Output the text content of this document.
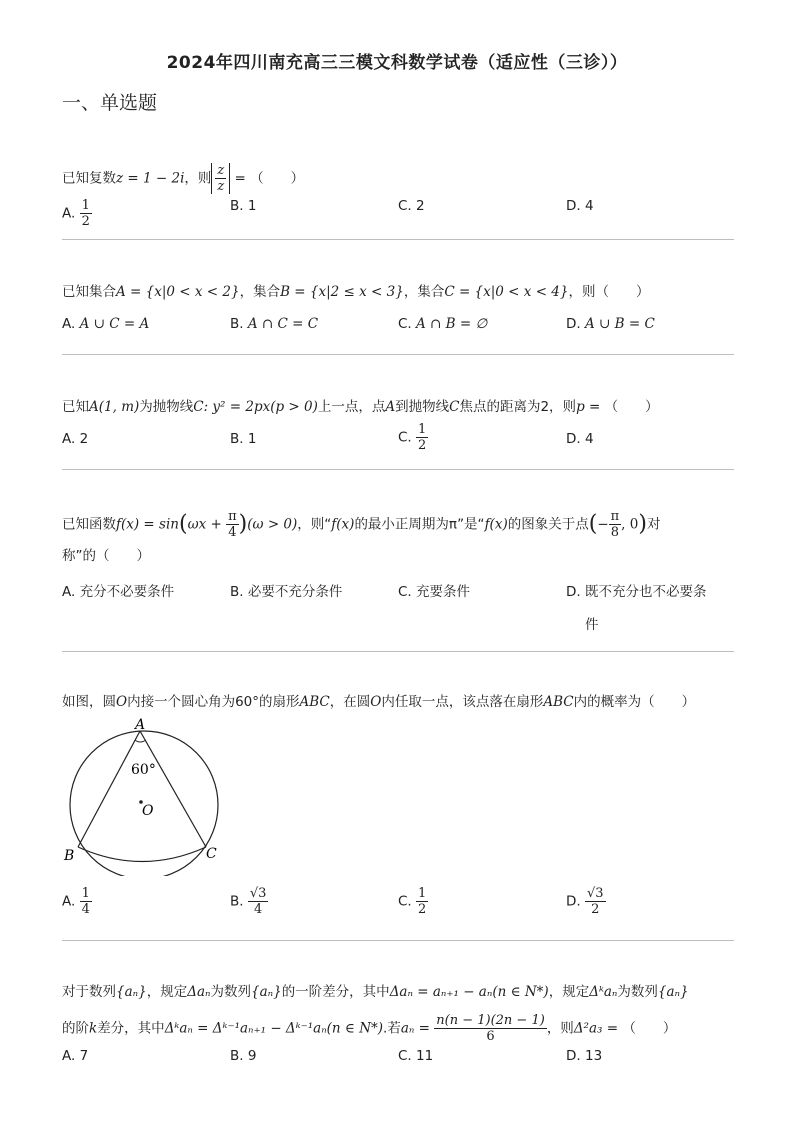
2024年四川南充高三三模文科数学试卷（适应性（三诊））
一、单选题
已知复数z = 1 − 2i，则 $\frac{z}{z}$ = （　　）
A. $\frac{1}{2}$	B. 1	C. 2	D. 4
已知集合A = {x|0 < x < 2}，集合B = {x|2 ≤ x < 3}，集合C = {x|0 < x < 4}，则（　　）
A. A ∪ C = A	B. A ∩ C = C	C. A ∩ B = ∅	D. A ∪ B = C
已知A(1, m)为抛物线C: y² = 2px(p > 0)上一点，点A到抛物线C焦点的距离为2，则p = （　　）
A. 2	B. 1	C. $\frac{1}{2}$	D. 4
已知函数$f(x) = \sin(\omega x + \frac{\pi}{4} )(\omega > 0)$，则“f(x)的最小正周期为π”是“f(x)的图象关于点(− $\frac{\pi}{8}$ , 0)对
称”的（　　）
A. 充分不必要条件	B. 必要不充分条件	C. 充要条件	D. 既不充分也不必要条
件
如图，圆O内接一个圆心角为60°的扇形ABC，在圆O内任取一点，该点落在扇形ABC内的概率为（　　）
A
B	C
O
60°
A. $\frac{1}{4}$	B. $\frac{√3}{4}$	C. $\frac{1}{2}$	D. $\frac{√3}{2}$
对于数列{aₙ}，规定Δaₙ为数列{aₙ}的一阶差分，其中Δaₙ = aₙ₊₁ − aₙ(n ∈ N*)，规定Δᵏaₙ为数列{aₙ}
的阶k差分，其中Δᵏaₙ = Δᵏ⁻¹aₙ₊₁ − Δᵏ⁻¹aₙ(n ∈ N*).若$a_n = \frac{n(n - 1)(2n - 1)}{6}$ ，则Δ²a₃ = （　　）
A. 7	B. 9	C. 11	D. 13
